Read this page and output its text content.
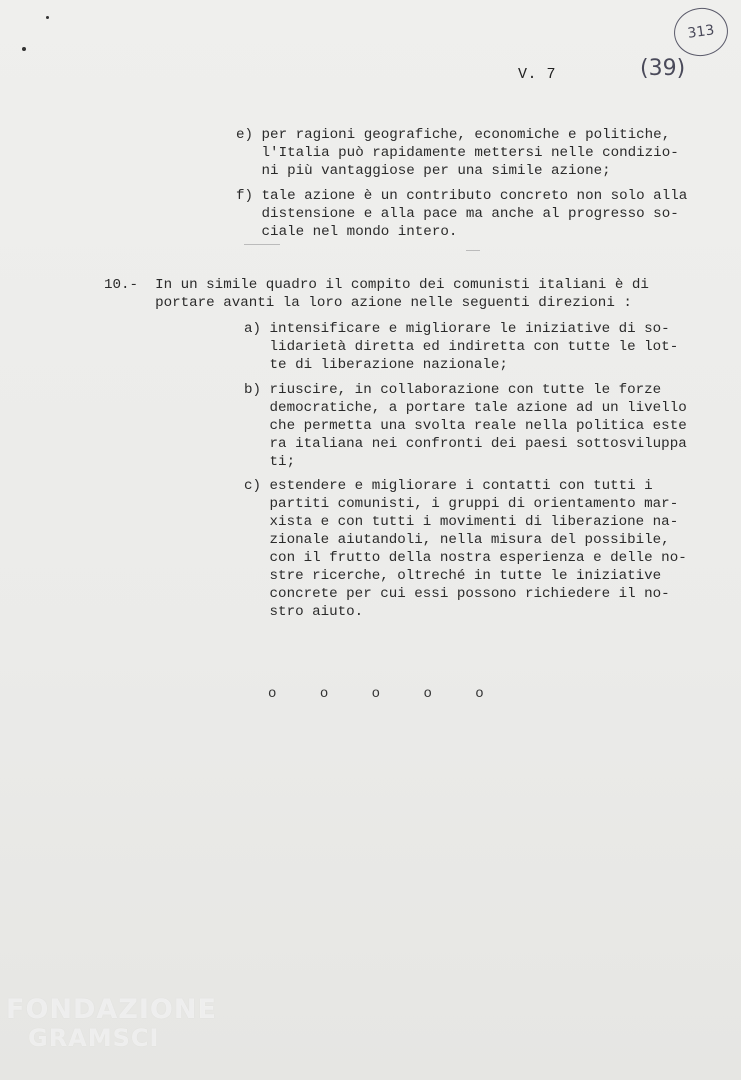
313
V. 7	(39)
e) per ragioni geografiche, economiche e politiche,
l'Italia può rapidamente mettersi nelle condizio-
ni più vantaggiose per una simile azione;
f) tale azione è un contributo concreto non solo alla
distensione e alla pace ma anche al progresso so-
ciale nel mondo intero.
10.-  In un simile quadro il compito dei comunisti italiani è di
portare avanti la loro azione nelle seguenti direzioni :
a) intensificare e migliorare le iniziative di so-
lidarietà diretta ed indiretta con tutte le lot-
te di liberazione nazionale;
b) riuscire, in collaborazione con tutte le forze
democratiche, a portare tale azione ad un livello
che permetta una svolta reale nella politica este
ra italiana nei confronti dei paesi sottosviluppa
ti;
c) estendere e migliorare i contatti con tutti i
partiti comunisti, i gruppi di orientamento mar-
xista e con tutti i movimenti di liberazione na-
zionale aiutandoli, nella misura del possibile,
con il frutto della nostra esperienza e delle no-
stre ricerche, oltreché in tutte le iniziative
concrete per cui essi possono richiedere il no-
stro aiuto.
o	o	o	o	o
FONDAZIONE
GRAMSCI
